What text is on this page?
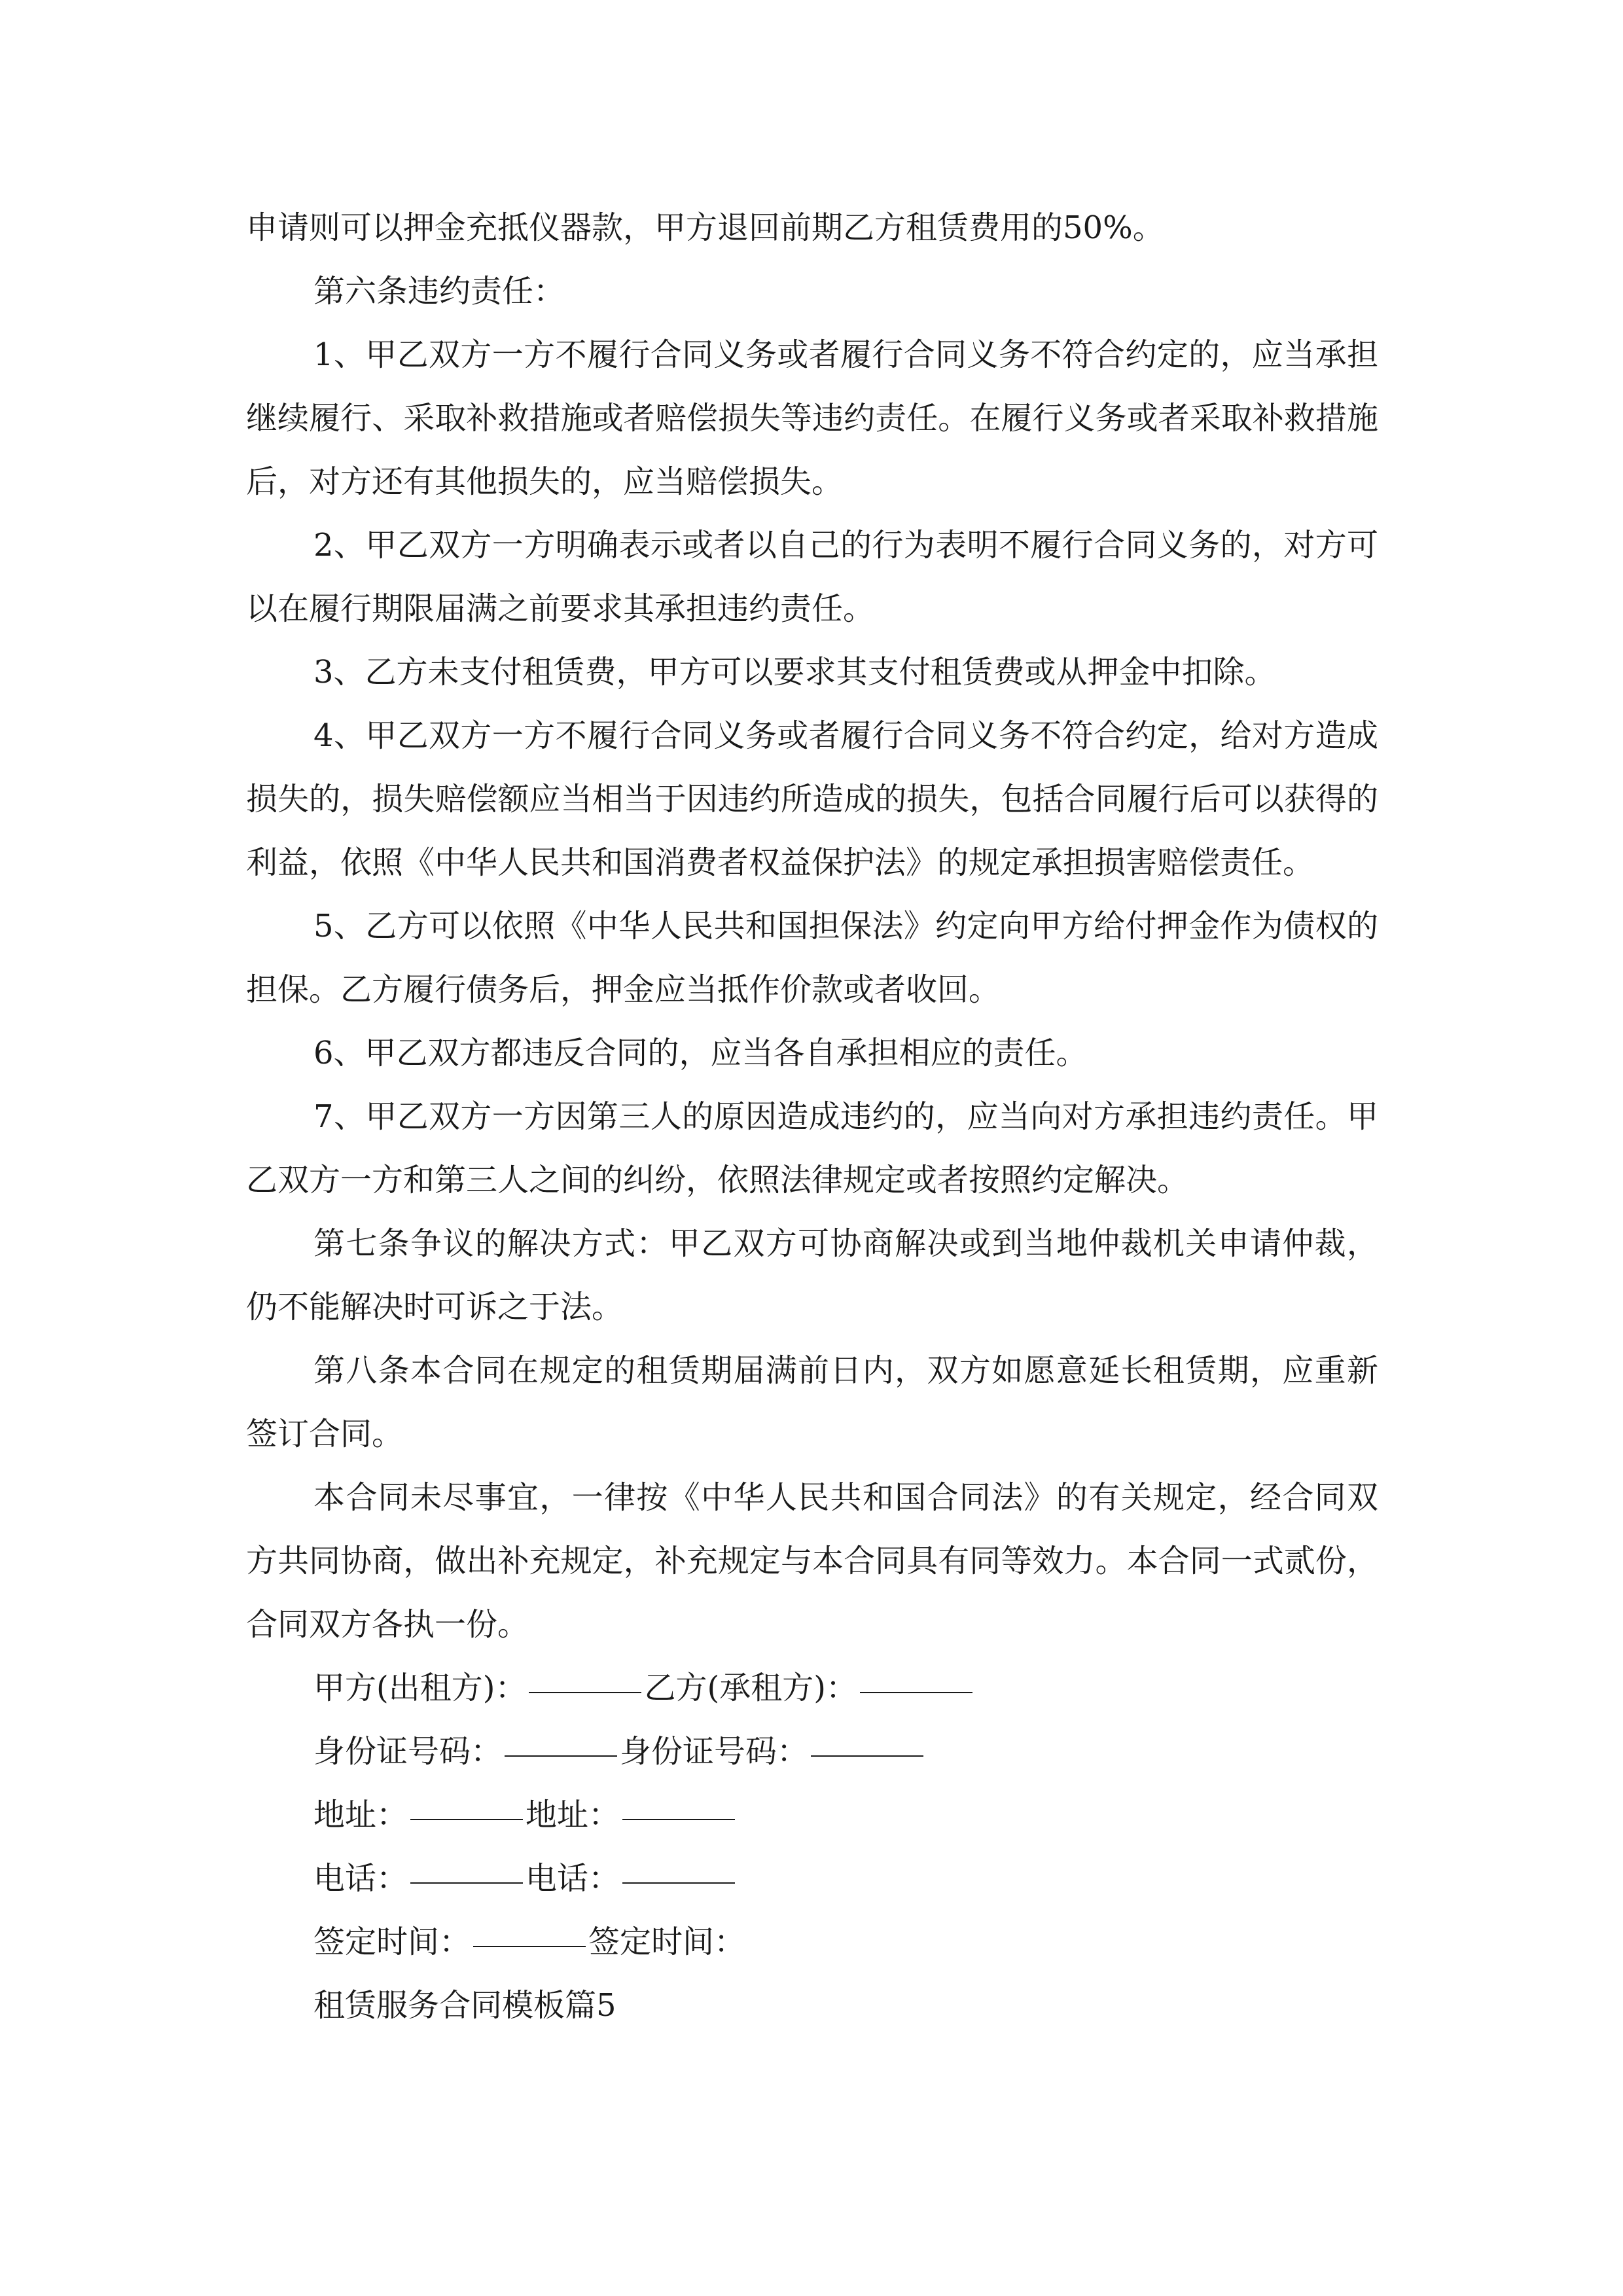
申请则可以押金充抵仪器款，甲方退回前期乙方租赁费用的50%。

第六条违约责任：

1、甲乙双方一方不履行合同义务或者履行合同义务不符合约定的，应当承担继续履行、采取补救措施或者赔偿损失等违约责任。在履行义务或者采取补救措施后，对方还有其他损失的，应当赔偿损失。

2、甲乙双方一方明确表示或者以自己的行为表明不履行合同义务的，对方可以在履行期限届满之前要求其承担违约责任。

3、乙方未支付租赁费，甲方可以要求其支付租赁费或从押金中扣除。

4、甲乙双方一方不履行合同义务或者履行合同义务不符合约定，给对方造成损失的，损失赔偿额应当相当于因违约所造成的损失，包括合同履行后可以获得的利益，依照《中华人民共和国消费者权益保护法》的规定承担损害赔偿责任。

5、乙方可以依照《中华人民共和国担保法》约定向甲方给付押金作为债权的担保。乙方履行债务后，押金应当抵作价款或者收回。

6、甲乙双方都违反合同的，应当各自承担相应的责任。

7、甲乙双方一方因第三人的原因造成违约的，应当向对方承担违约责任。甲乙双方一方和第三人之间的纠纷，依照法律规定或者按照约定解决。

第七条争议的解决方式：甲乙双方可协商解决或到当地仲裁机关申请仲裁，仍不能解决时可诉之于法。

第八条本合同在规定的租赁期届满前日内，双方如愿意延长租赁期，应重新签订合同。

本合同未尽事宜，一律按《中华人民共和国合同法》的有关规定，经合同双方共同协商，做出补充规定，补充规定与本合同具有同等效力。本合同一式贰份，合同双方各执一份。

甲方(出租方)：	乙方(承租方)：
身份证号码：	身份证号码：
地址：	地址：
电话：	电话：
签定时间：	签定时间：

租赁服务合同模板篇5
